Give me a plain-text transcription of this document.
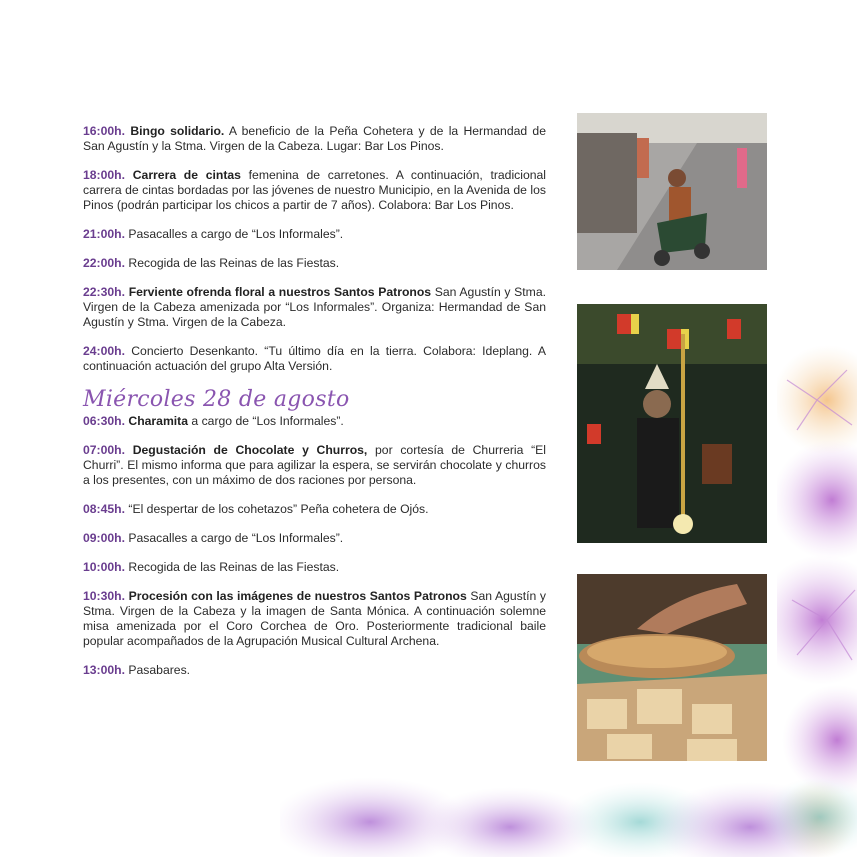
16:00h. Bingo solidario. A beneficio de la Peña Cohetera y de la Hermandad de San Agustín y la Stma. Virgen de la Cabeza. Lugar: Bar Los Pinos.

18:00h. Carrera de cintas femenina de carretones. A continuación, tradicional carrera de cintas bordadas por las jóvenes de nuestro Municipio, en la Avenida de los Pinos (podrán participar los chicos a partir de 7 años). Colabora: Bar Los Pinos.

21:00h. Pasacalles a cargo de “Los Informales”.

22:00h. Recogida de las Reinas de las Fiestas.

22:30h. Ferviente ofrenda floral a nuestros Santos Patronos San Agustín y Stma. Virgen de la Cabeza amenizada por “Los Informales”. Organiza: Hermandad de San Agustín y Stma. Virgen de la Cabeza.

24:00h. Concierto Desenkanto. “Tu último día en la tierra. Colabora: Ideplang. A continuación actuación del grupo Alta Versión.

Miércoles 28 de agosto

06:30h. Charamita a cargo de “Los Informales”.

07:00h. Degustación de Chocolate y Churros, por cortesía de Churreria “El Churri”. El mismo informa que para agilizar la espera, se servirán chocolate y churros a los presentes, con un máximo de dos raciones por persona.

08:45h. “El despertar de los cohetazos” Peña cohetera de Ojós.

09:00h. Pasacalles a cargo de “Los Informales”.

10:00h. Recogida de las Reinas de las Fiestas.

10:30h. Procesión con las imágenes de nuestros Santos Patronos San Agustín y Stma. Virgen de la Cabeza y la imagen de Santa Mónica. A continuación solemne misa amenizada por el Coro Corchea de Oro. Posteriormente tradicional baile popular acompañados de la Agrupación Musical Cultural Archena.

13:00h. Pasabares.
